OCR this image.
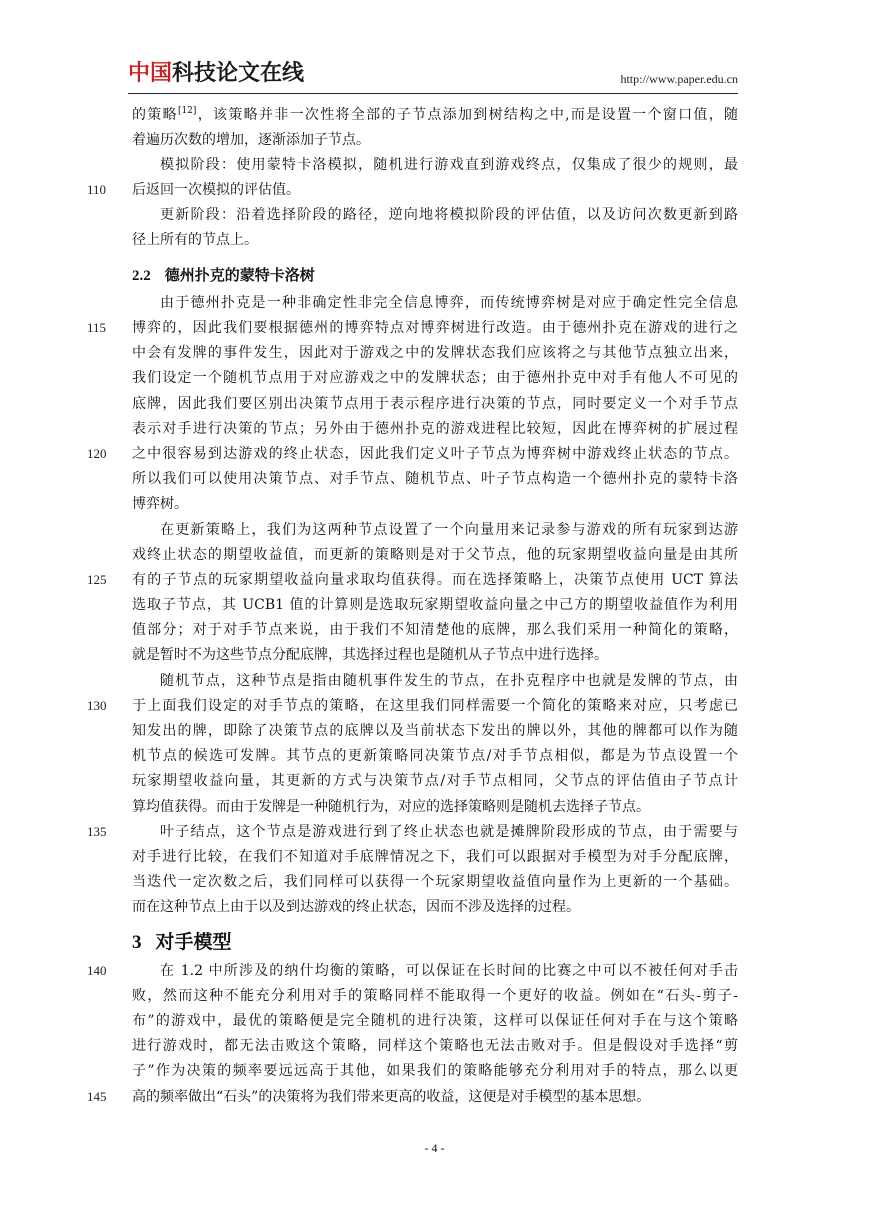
中国科技论文在线	http://www.paper.edu.cn
110
115
120
125
130
135
140
145
的策略[12]，该策略并非一次性将全部的子节点添加到树结构之中,而是设置一个窗口值，随
着遍历次数的增加，逐渐添加子节点。
模拟阶段：使用蒙特卡洛模拟，随机进行游戏直到游戏终点，仅集成了很少的规则，最
后返回一次模拟的评估值。
更新阶段：沿着选择阶段的路径，逆向地将模拟阶段的评估值，以及访问次数更新到路
径上所有的节点上。
2.2 德州扑克的蒙特卡洛树
由于德州扑克是一种非确定性非完全信息博弈，而传统博弈树是对应于确定性完全信息
博弈的，因此我们要根据德州的博弈特点对博弈树进行改造。由于德州扑克在游戏的进行之
中会有发牌的事件发生，因此对于游戏之中的发牌状态我们应该将之与其他节点独立出来，
我们设定一个随机节点用于对应游戏之中的发牌状态；由于德州扑克中对手有他人不可见的
底牌，因此我们要区别出决策节点用于表示程序进行决策的节点，同时要定义一个对手节点
表示对手进行决策的节点；另外由于德州扑克的游戏进程比较短，因此在博弈树的扩展过程
之中很容易到达游戏的终止状态，因此我们定义叶子节点为博弈树中游戏终止状态的节点。
所以我们可以使用决策节点、对手节点、随机节点、叶子节点构造一个德州扑克的蒙特卡洛
博弈树。
在更新策略上，我们为这两种节点设置了一个向量用来记录参与游戏的所有玩家到达游
戏终止状态的期望收益值，而更新的策略则是对于父节点，他的玩家期望收益向量是由其所
有的子节点的玩家期望收益向量求取均值获得。而在选择策略上，决策节点使用 UCT 算法
选取子节点，其 UCB1 值的计算则是选取玩家期望收益向量之中己方的期望收益值作为利用
值部分；对于对手节点来说，由于我们不知清楚他的底牌，那么我们采用一种简化的策略，
就是暂时不为这些节点分配底牌，其选择过程也是随机从子节点中进行选择。
随机节点，这种节点是指由随机事件发生的节点，在扑克程序中也就是发牌的节点，由
于上面我们设定的对手节点的策略，在这里我们同样需要一个简化的策略来对应，只考虑已
知发出的牌，即除了决策节点的底牌以及当前状态下发出的牌以外，其他的牌都可以作为随
机节点的候选可发牌。其节点的更新策略同决策节点/对手节点相似，都是为节点设置一个
玩家期望收益向量，其更新的方式与决策节点/对手节点相同，父节点的评估值由子节点计
算均值获得。而由于发牌是一种随机行为，对应的选择策略则是随机去选择子节点。
叶子结点，这个节点是游戏进行到了终止状态也就是摊牌阶段形成的节点，由于需要与
对手进行比较，在我们不知道对手底牌情况之下，我们可以跟据对手模型为对手分配底牌，
当迭代一定次数之后，我们同样可以获得一个玩家期望收益值向量作为上更新的一个基础。
而在这种节点上由于以及到达游戏的终止状态，因而不涉及选择的过程。
3 对手模型
在 1.2 中所涉及的纳什均衡的策略，可以保证在长时间的比赛之中可以不被任何对手击
败，然而这种不能充分利用对手的策略同样不能取得一个更好的收益。例如在“石头-剪子-
布”的游戏中，最优的策略便是完全随机的进行决策，这样可以保证任何对手在与这个策略
进行游戏时，都无法击败这个策略，同样这个策略也无法击败对手。但是假设对手选择“剪
子”作为决策的频率要远远高于其他，如果我们的策略能够充分利用对手的特点，那么以更
高的频率做出“石头”的决策将为我们带来更高的收益，这便是对手模型的基本思想。
- 4 -
